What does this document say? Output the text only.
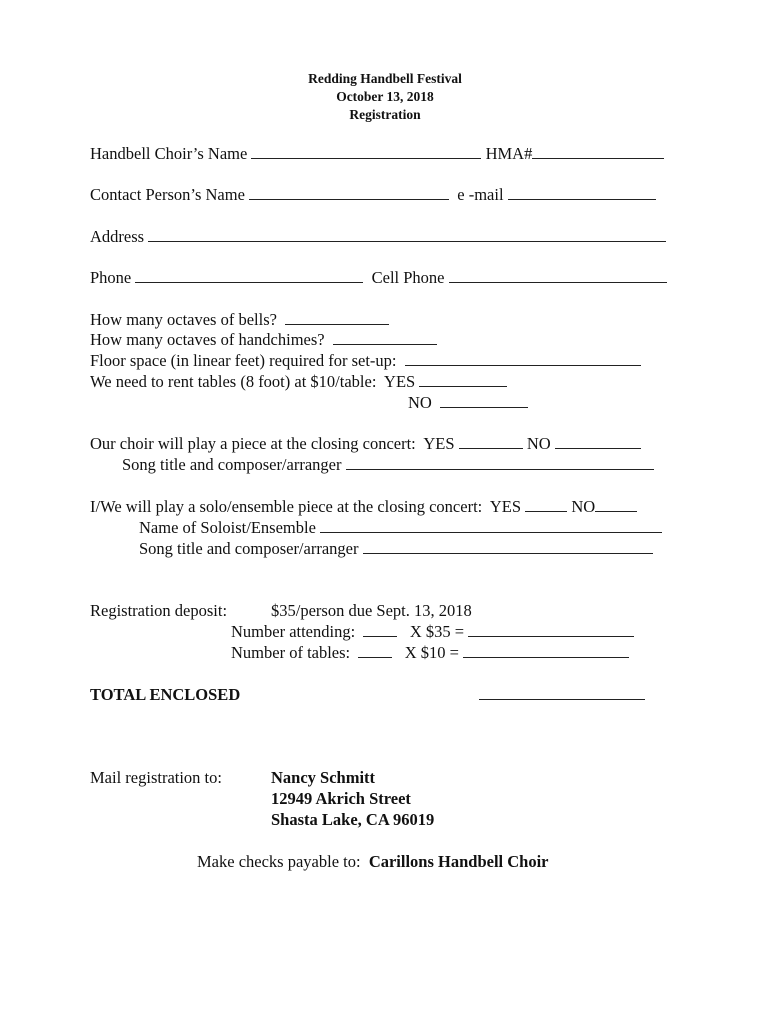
Redding Handbell Festival
October 13, 2018
Registration
Handbell Choir’s Name	HMA#
Contact Person’s Name	e -mail
Address
Phone	Cell Phone
How many octaves of bells?
How many octaves of handchimes?
Floor space (in linear feet) required for set-up:
We need to rent tables (8 foot) at $10/table:  YES
NO
Our choir will play a piece at the closing concert:  YES	NO
Song title and composer/arranger
I/We will play a solo/ensemble piece at the closing concert:  YES	NO
Name of Soloist/Ensemble
Song title and composer/arranger
Registration deposit:	$35/person due Sept. 13, 2018
Number attending:	X $35 =
Number of tables:	X $10 =
TOTAL ENCLOSED
Mail registration to:	Nancy Schmitt
12949 Akrich Street
Shasta Lake, CA 96019
Make checks payable to: Carillons Handbell Choir
